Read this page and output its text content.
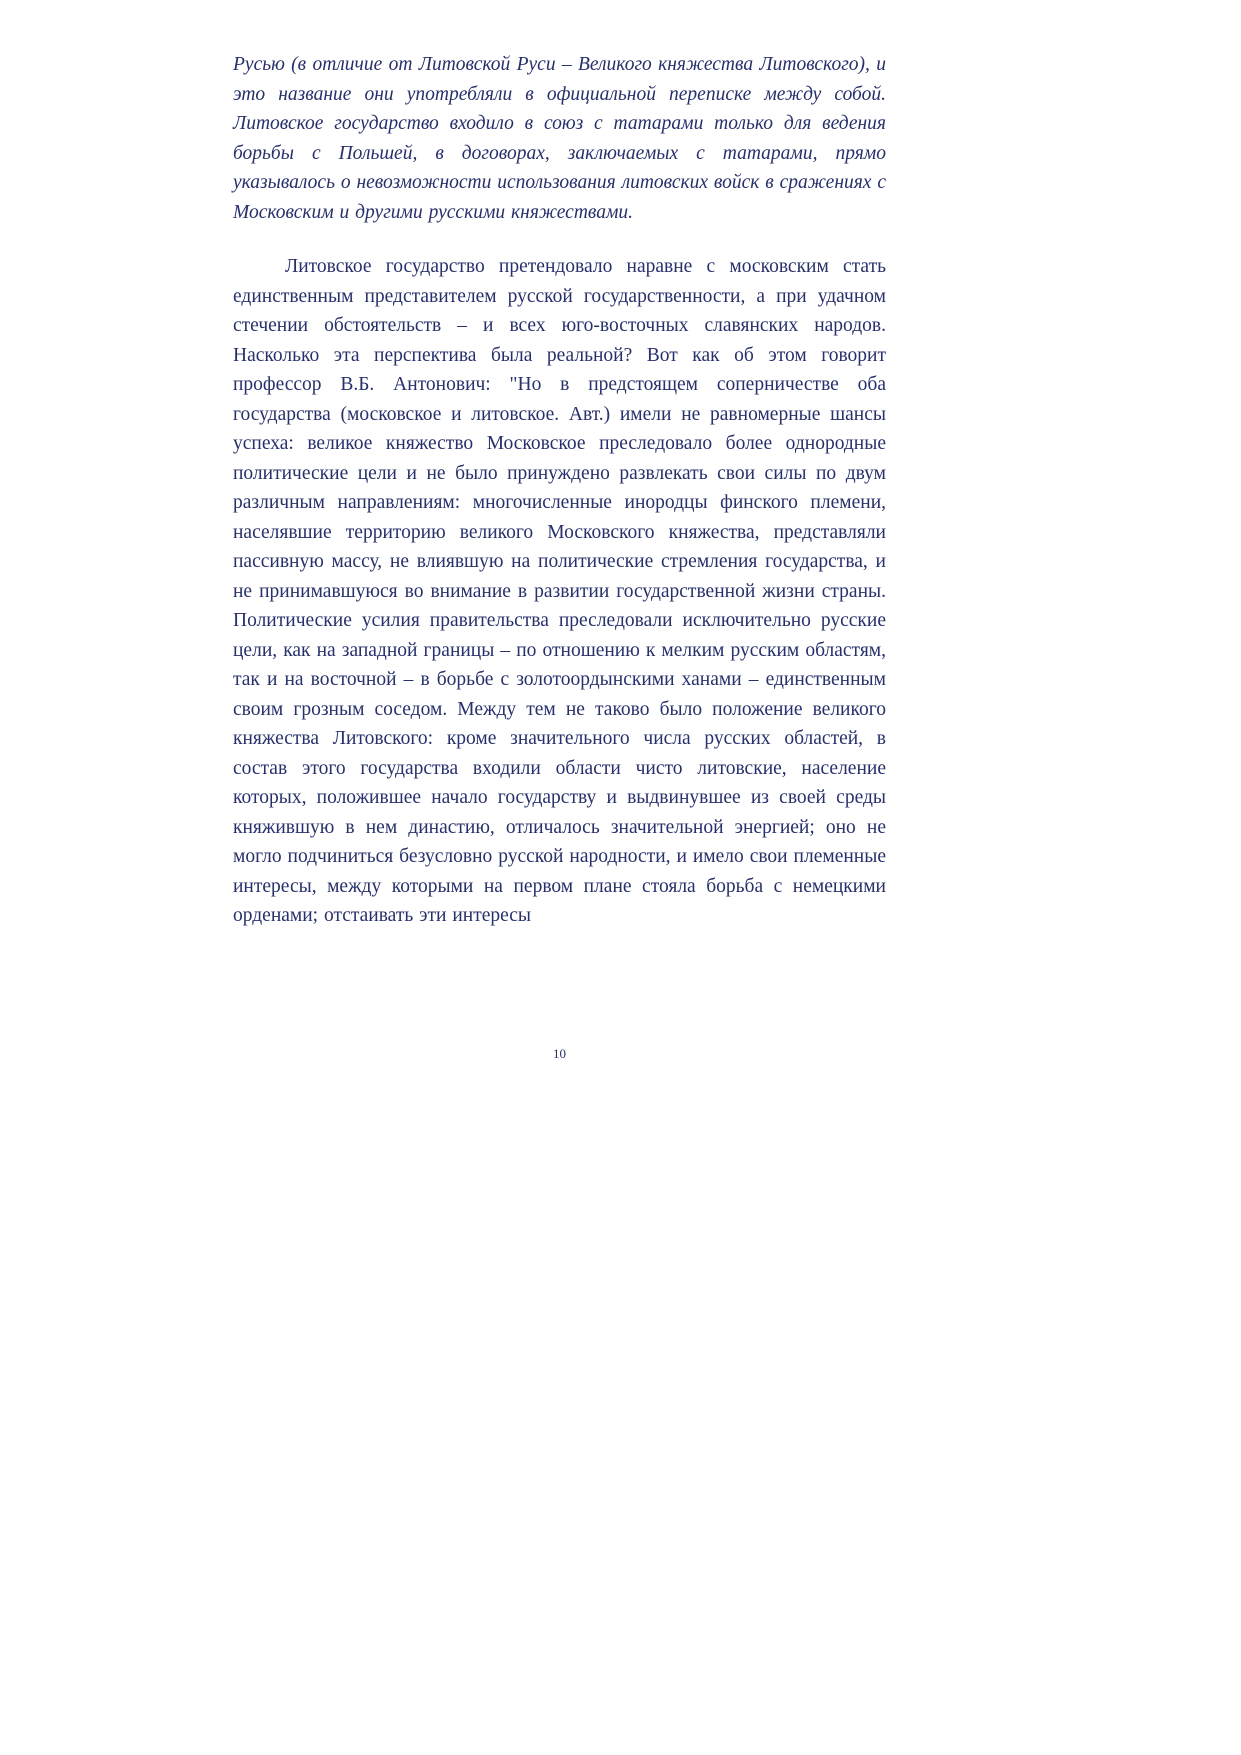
Русью (в отличие от Литовской Руси – Великого княжества Литовского), и это название они употребляли в официальной переписке между собой. Литовское государство входило в союз с татарами только для ведения борьбы с Польшей, в договорах, заключаемых с татарами, прямо указывалось о невозможности использования литовских войск в сражениях с Московским и другими русскими княжествами.

Литовское государство претендовало наравне с московским стать единственным представителем русской государственности, а при удачном стечении обстоятельств – и всех юго-восточных славянских народов. Насколько эта перспектива была реальной? Вот как об этом говорит профессор В.Б. Антонович: "Но в предстоящем соперничестве оба государства (московское и литовское. Авт.) имели не равномерные шансы успеха: великое княжество Московское преследовало более однородные политические цели и не было принуждено развлекать свои силы по двум различным направлениям: многочисленные инородцы финского племени, населявшие территорию великого Московского княжества, представляли пассивную массу, не влиявшую на политические стремления государства, и не принимавшуюся во внимание в развитии государственной жизни страны. Политические усилия правительства преследовали исключительно русские цели, как на западной границы – по отношению к мелким русским областям, так и на восточной – в борьбе с золотоордынскими ханами – единственным своим грозным соседом. Между тем не таково было положение великого княжества Литовского: кроме значительного числа русских областей, в состав этого государства входили области чисто литовские, население которых, положившее начало государству и выдвинувшее из своей среды княжившую в нем династию, отличалось значительной энергией; оно не могло подчиниться безусловно русской народности, и имело свои племенные интересы, между которыми на первом плане стояла борьба с немецкими орденами; отстаивать эти интересы

10
